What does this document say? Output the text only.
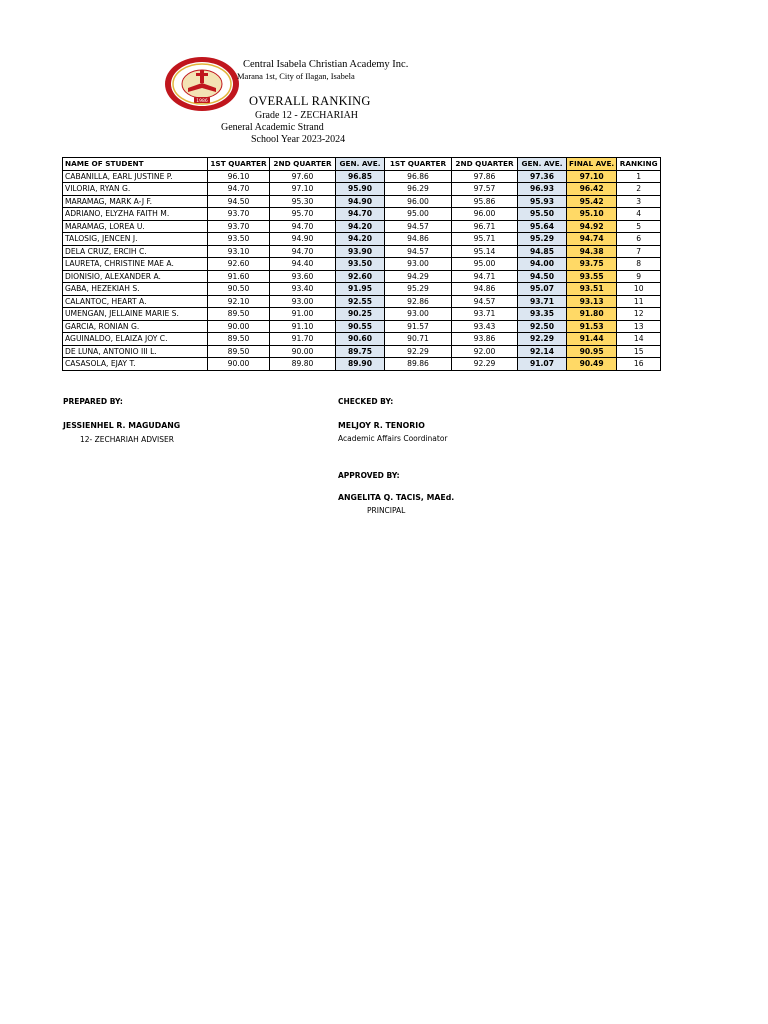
1986
Central Isabela Christian Academy Inc.
Marana 1st, City of Ilagan, Isabela
OVERALL RANKING
Grade 12 - ZECHARIAH
General Academic Strand
School Year 2023-2024
NAME OF STUDENT	1ST QUARTER	2ND QUARTER	GEN. AVE.	1ST QUARTER	2ND QUARTER	GEN. AVE.	FINAL AVE.	RANKING
CABANILLA, EARL JUSTINE P.	96.10	97.60	96.85	96.86	97.86	97.36	97.10	1
VILORIA, RYAN G.	94.70	97.10	95.90	96.29	97.57	96.93	96.42	2
MARAMAG, MARK A-J F.	94.50	95.30	94.90	96.00	95.86	95.93	95.42	3
ADRIANO, ELYZHA FAITH M.	93.70	95.70	94.70	95.00	96.00	95.50	95.10	4
MARAMAG, LOREA U.	93.70	94.70	94.20	94.57	96.71	95.64	94.92	5
TALOSIG, JENCEN J.	93.50	94.90	94.20	94.86	95.71	95.29	94.74	6
DELA CRUZ, ERCIH C.	93.10	94.70	93.90	94.57	95.14	94.85	94.38	7
LAURETA, CHRISTINE MAE A.	92.60	94.40	93.50	93.00	95.00	94.00	93.75	8
DIONISIO, ALEXANDER A.	91.60	93.60	92.60	94.29	94.71	94.50	93.55	9
GABA, HEZEKIAH S.	90.50	93.40	91.95	95.29	94.86	95.07	93.51	10
CALANTOC, HEART A.	92.10	93.00	92.55	92.86	94.57	93.71	93.13	11
UMENGAN, JELLAINE MARIE S.	89.50	91.00	90.25	93.00	93.71	93.35	91.80	12
GARCIA, RONIAN G.	90.00	91.10	90.55	91.57	93.43	92.50	91.53	13
AGUINALDO, ELAIZA JOY C.	89.50	91.70	90.60	90.71	93.86	92.29	91.44	14
DE LUNA, ANTONIO III L.	89.50	90.00	89.75	92.29	92.00	92.14	90.95	15
CASASOLA, EJAY T.	90.00	89.80	89.90	89.86	92.29	91.07	90.49	16
PREPARED BY:
JESSIENHEL R. MAGUDANG
12- ZECHARIAH ADVISER
CHECKED BY:
MELJOY R. TENORIO
Academic Affairs Coordinator
APPROVED BY:
ANGELITA Q. TACIS, MAEd.
PRINCIPAL
